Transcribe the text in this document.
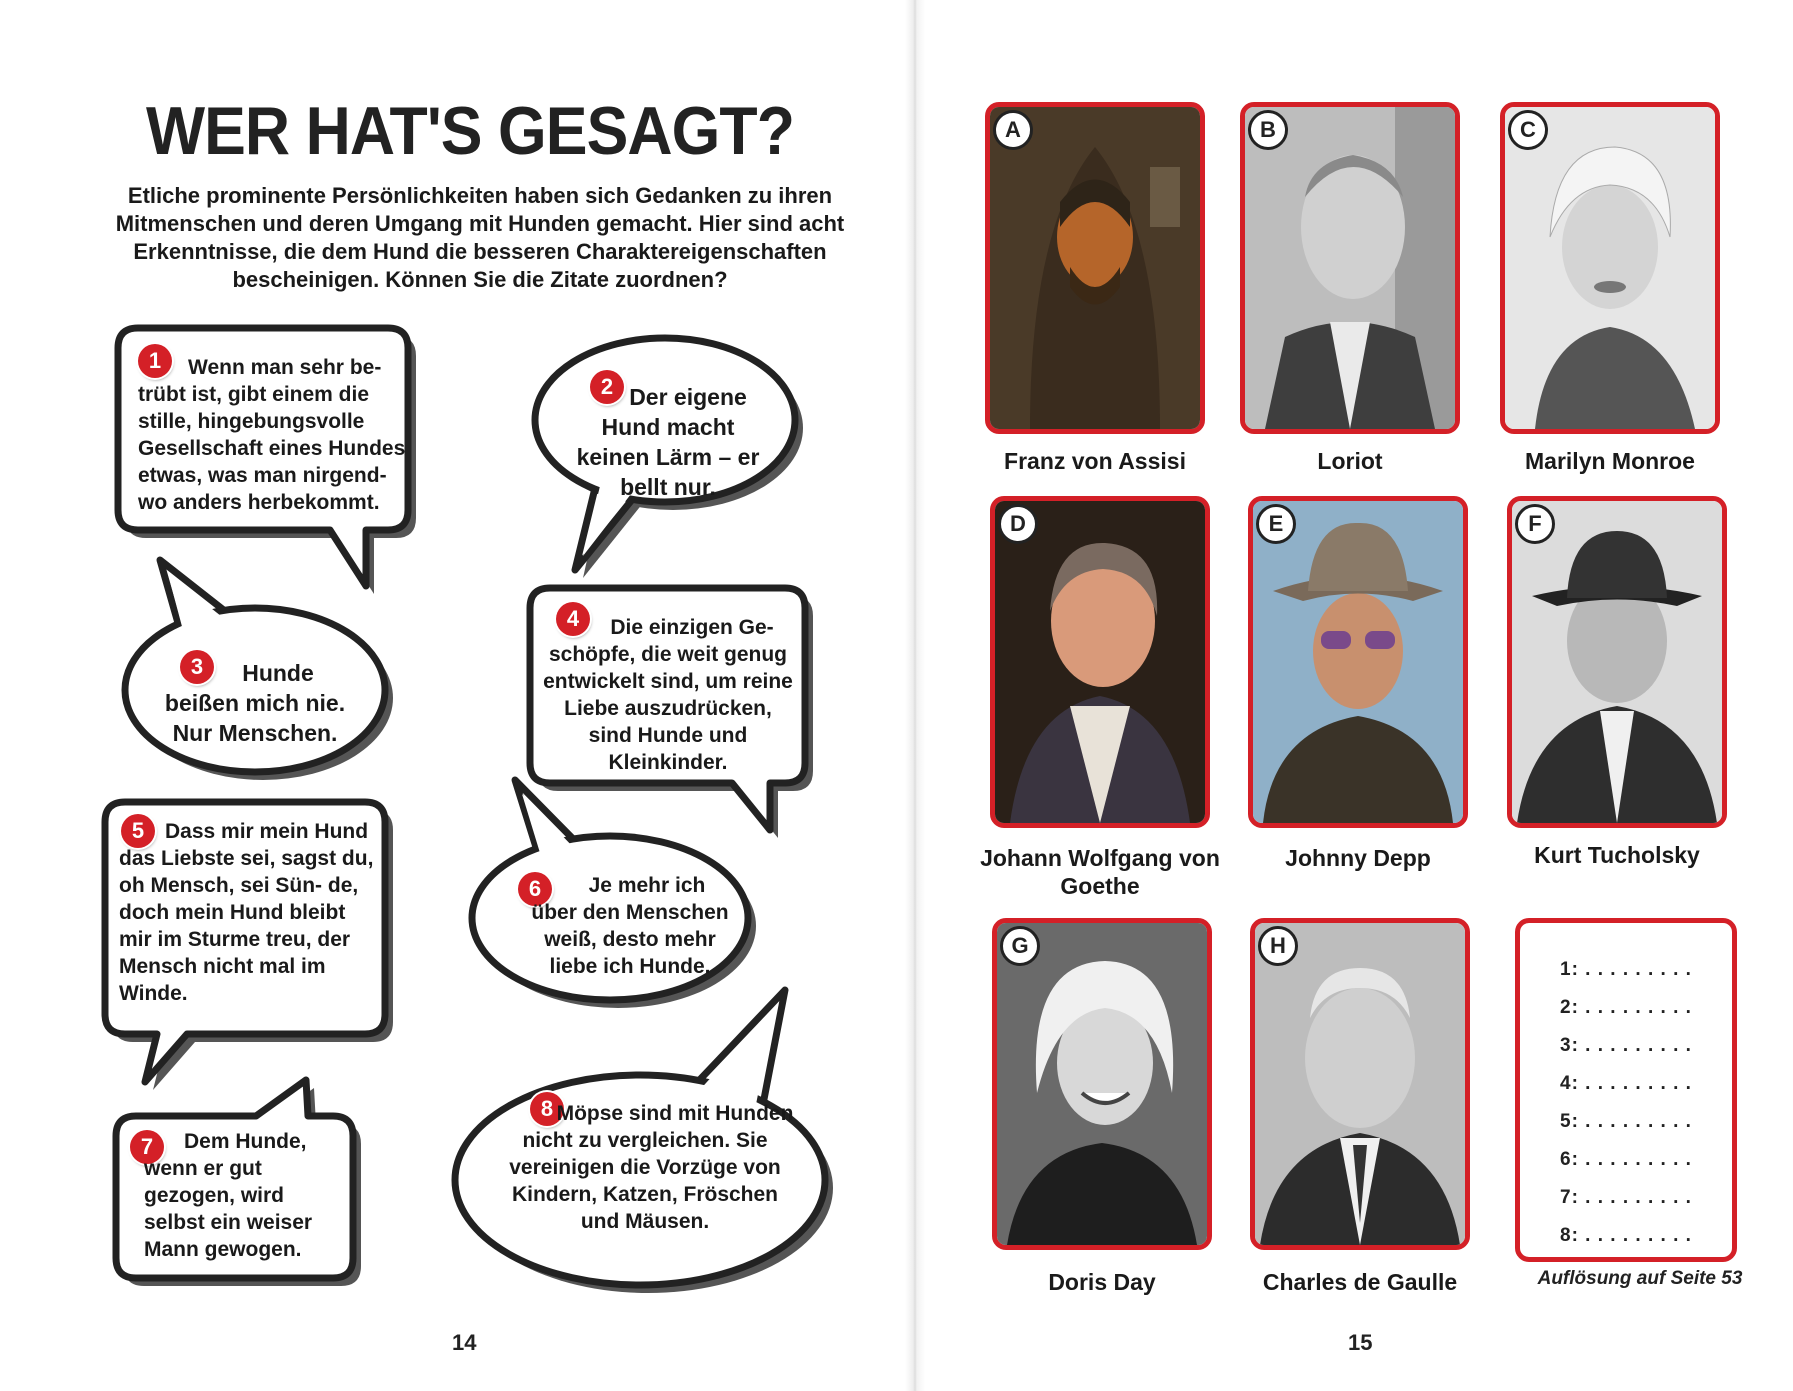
WER HAT'S GESAGT?
Etliche prominente Persönlichkeiten haben sich Gedanken zu ihren Mitmenschen und deren Umgang mit Hunden gemacht. Hier sind acht Erkenntnisse, die dem Hund die besseren Charaktereigenschaften bescheinigen. Können Sie die Zitate zuordnen?
1	Wenn man sehr be- trübt ist, gibt einem die stille, hingebungsvolle Gesellschaft eines Hundes etwas, was man nirgend- wo anders herbekommt.
2 Der eigene Hund macht keinen Lärm – er bellt nur.
3	Hunde beißen mich nie. Nur Menschen.
4	Die einzigen Ge- schöpfe, die weit genug entwickelt sind, um reine Liebe auszudrücken, sind Hunde und Kleinkinder.
5 Dass mir mein Hund das Liebste sei, sagst du, oh Mensch, sei Sün- de, doch mein Hund bleibt mir im Sturme treu, der Mensch nicht mal im Winde.
6	Je mehr ich über den Menschen weiß, desto mehr liebe ich Hunde.
7	Dem Hunde, wenn er gut gezogen, wird selbst ein weiser Mann gewogen.
8 Möpse sind mit Hunden nicht zu vergleichen. Sie vereinigen die Vorzüge von Kindern, Katzen, Fröschen und Mäusen.
14	15
A
Franz von Assisi
B
Loriot
C
Marilyn Monroe
D
Johann Wolfgang von Goethe
E
Johnny Depp
F
Kurt Tucholsky
G
Doris Day
H
Charles de Gaulle
1: . . . . . . . . .
2: . . . . . . . . .
3: . . . . . . . . .
4: . . . . . . . . .
5: . . . . . . . . .
6: . . . . . . . . .
7: . . . . . . . . .
8: . . . . . . . . .
Auflösung auf Seite 53
